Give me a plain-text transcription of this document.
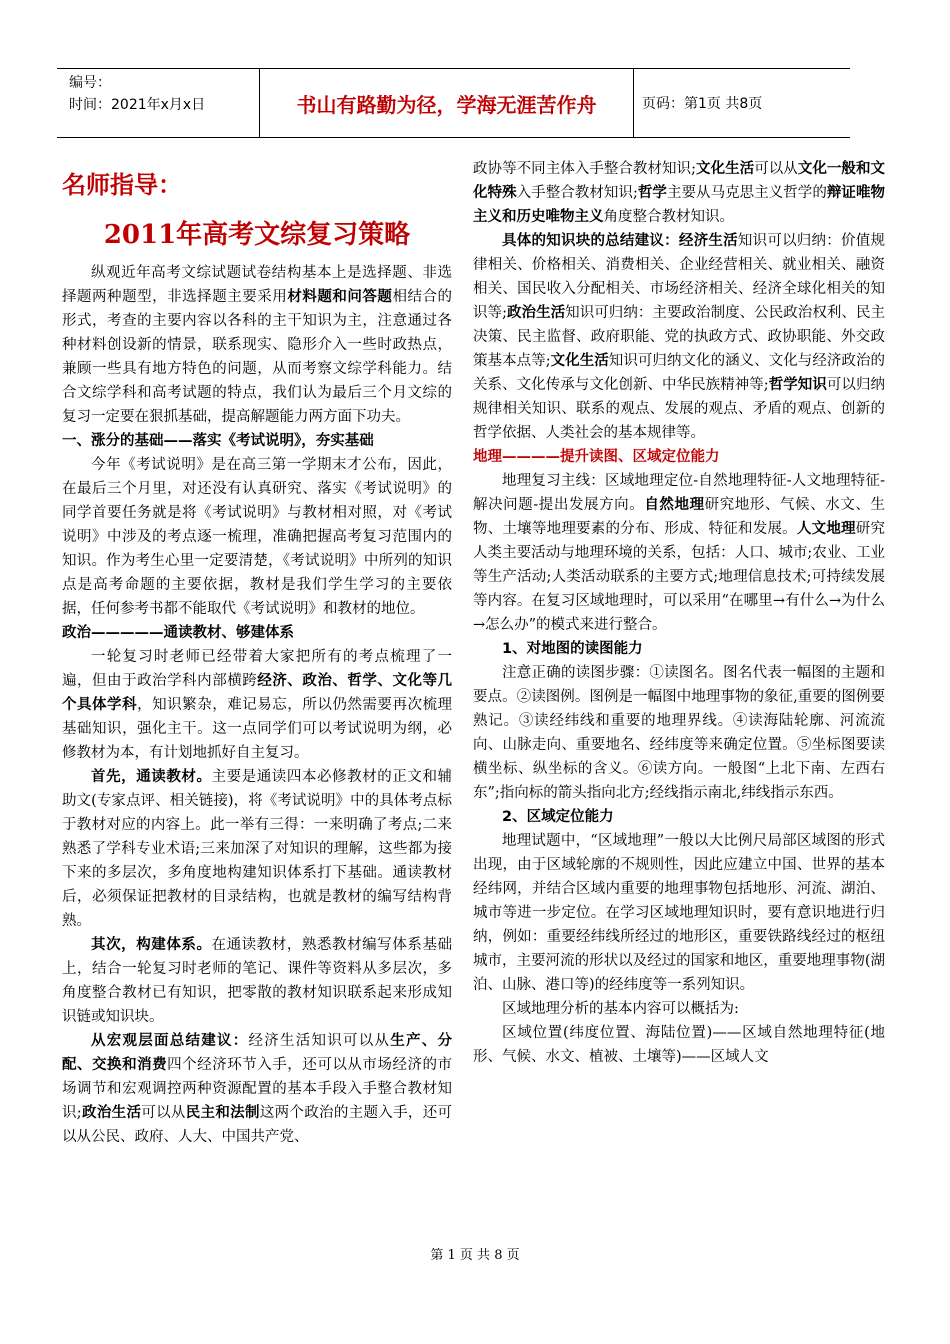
编号：
时间：2021年x月x日	书山有路勤为径，学海无涯苦作舟	页码：第1页 共8页
名师指导：
2011年高考文综复习策略

纵观近年高考文综试题试卷结构基本上是选择题、非选择题两种题型，非选择题主要采用材料题和问答题相结合的形式，考查的主要内容以各科的主干知识为主，注意通过各种材料创设新的情景，联系现实、隐形介入一些时政热点，兼顾一些具有地方特色的问题，从而考察文综学科能力。结合文综学科和高考试题的特点，我们认为最后三个月文综的复习一定要在狠抓基础，提高解题能力两方面下功夫。

一、涨分的基础——落实《考试说明》，夯实基础

今年《考试说明》是在高三第一学期末才公布，因此，在最后三个月里，对还没有认真研究、落实《考试说明》的同学首要任务就是将《考试说明》与教材相对照，对《考试说明》中涉及的考点逐一梳理，准确把握高考复习范围内的知识。作为考生心里一定要清楚，《考试说明》中所列的知识点是高考命题的主要依据，教材是我们学生学习的主要依据，任何参考书都不能取代《考试说明》和教材的地位。

政治—————通读教材、够建体系

一轮复习时老师已经带着大家把所有的考点梳理了一遍，但由于政治学科内部横跨经济、政治、哲学、文化等几个具体学科，知识繁杂，难记易忘，所以仍然需要再次梳理基础知识，强化主干。这一点同学们可以考试说明为纲，必修教材为本，有计划地抓好自主复习。

首先，通读教材。主要是通读四本必修教材的正文和辅助文(专家点评、相关链接)，将《考试说明》中的具体考点标于教材对应的内容上。此一举有三得：一来明确了考点;二来熟悉了学科专业术语;三来加深了对知识的理解，这些都为接下来的多层次，多角度地构建知识体系打下基础。通读教材后，必须保证把教材的目录结构，也就是教材的编写结构背熟。

其次，构建体系。在通读教材，熟悉教材编写体系基础上，结合一轮复习时老师的笔记、课件等资料从多层次，多角度整合教材已有知识，把零散的教材知识联系起来形成知识链或知识块。

从宏观层面总结建议：经济生活知识可以从生产、分配、交换和消费四个经济环节入手，还可以从市场经济的市场调节和宏观调控两种资源配置的基本手段入手整合教材知识;政治生活可以从民主和法制这两个政治的主题入手，还可以从公民、政府、人大、中国共产党、

政协等不同主体入手整合教材知识;文化生活可以从文化一般和文化特殊入手整合教材知识;哲学主要从马克思主义哲学的辩证唯物主义和历史唯物主义角度整合教材知识。

具体的知识块的总结建议：经济生活知识可以归纳：价值规律相关、价格相关、消费相关、企业经营相关、就业相关、融资相关、国民收入分配相关、市场经济相关、经济全球化相关的知识等;政治生活知识可归纳：主要政治制度、公民政治权利、民主决策、民主监督、政府职能、党的执政方式、政协职能、外交政策基本点等;文化生活知识可归纳文化的涵义、文化与经济政治的关系、文化传承与文化创新、中华民族精神等;哲学知识可以归纳规律相关知识、联系的观点、发展的观点、矛盾的观点、创新的哲学依据、人类社会的基本规律等。

地理————提升读图、区域定位能力

地理复习主线：区域地理定位-自然地理特征-人文地理特征-解决问题-提出发展方向。自然地理研究地形、气候、水文、生物、土壤等地理要素的分布、形成、特征和发展。人文地理研究人类主要活动与地理环境的关系，包括：人口、城市;农业、工业等生产活动;人类活动联系的主要方式;地理信息技术;可持续发展等内容。在复习区域地理时，可以采用“在哪里→有什么→为什么→怎么办”的模式来进行整合。

1、对地图的读图能力

注意正确的读图步骤：①读图名。图名代表一幅图的主题和要点。②读图例。图例是一幅图中地理事物的象征,重要的图例要熟记。③读经纬线和重要的地理界线。④读海陆轮廓、河流流向、山脉走向、重要地名、经纬度等来确定位置。⑤坐标图要读横坐标、纵坐标的含义。⑥读方向。一般图“上北下南、左西右东”;指向标的箭头指向北方;经线指示南北,纬线指示东西。

2、区域定位能力

地理试题中，“区域地理”一般以大比例尺局部区域图的形式出现，由于区域轮廓的不规则性，因此应建立中国、世界的基本经纬网，并结合区域内重要的地理事物包括地形、河流、湖泊、城市等进一步定位。在学习区域地理知识时，要有意识地进行归纳，例如：重要经纬线所经过的地形区，重要铁路线经过的枢纽城市，主要河流的形状以及经过的国家和地区，重要地理事物(湖泊、山脉、港口等)的经纬度等一系列知识。

区域地理分析的基本内容可以概括为:

区域位置(纬度位置、海陆位置)——区域自然地理特征(地形、气候、水文、植被、土壤等)——区域人文

第 1 页 共 8 页
